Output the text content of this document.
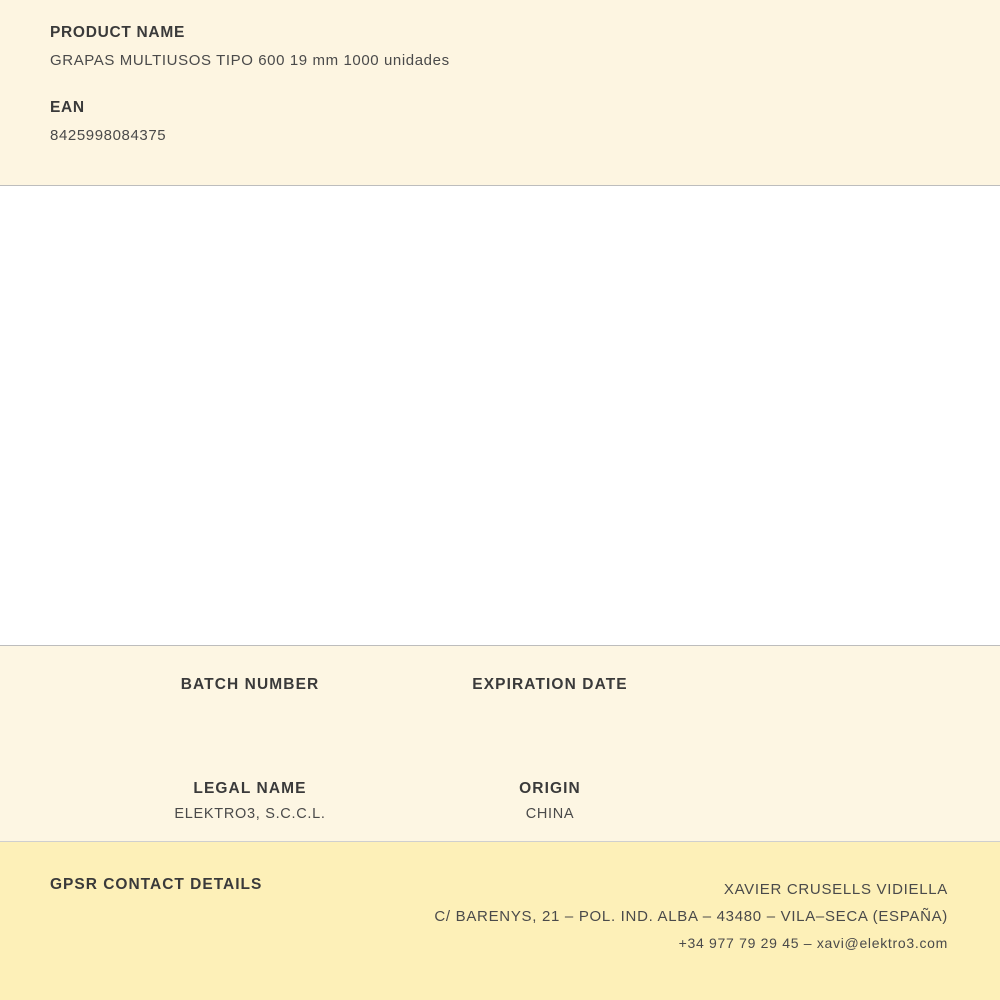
PRODUCT NAME

GRAPAS MULTIUSOS TIPO 600 19 mm 1000 unidades

EAN

8425998084375

BATCH NUMBER	EXPIRATION DATE

LEGAL NAME

ELEKTRO3, S.C.C.L.

ORIGIN

CHINA

GPSR CONTACT DETAILS	XAVIER CRUSELLS VIDIELLA

C/ BARENYS, 21 – POL. IND. ALBA – 43480 – VILA–SECA (ESPAÑA)

+34 977 79 29 45 – xavi@elektro3.com
